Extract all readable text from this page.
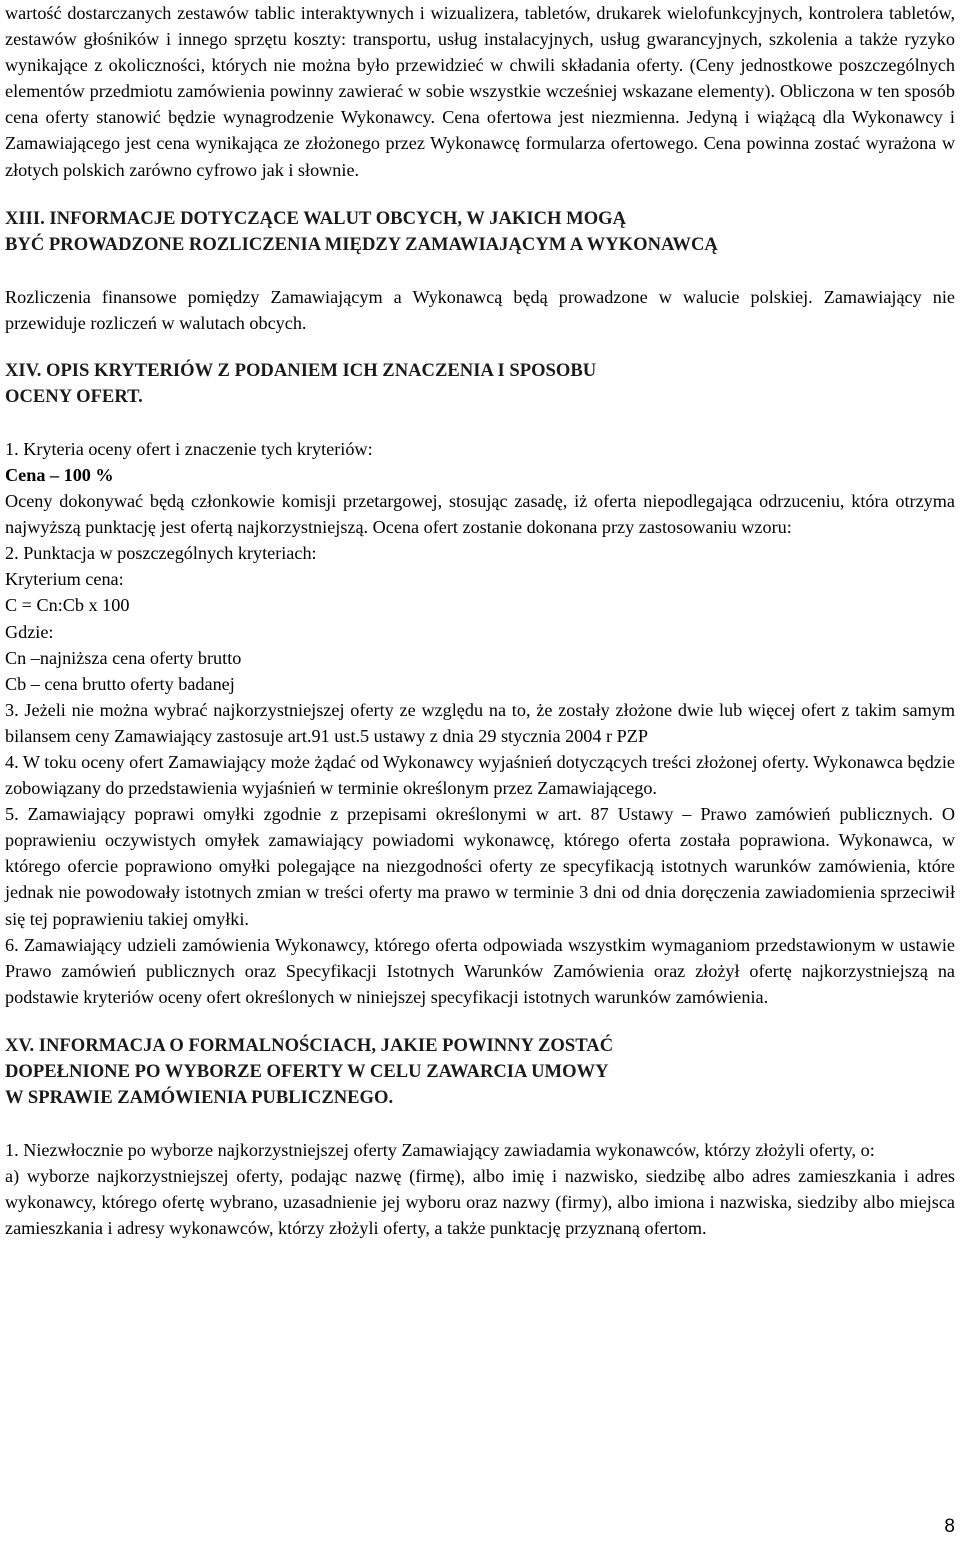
wartość dostarczanych zestawów tablic interaktywnych i wizualizera, tabletów, drukarek wielofunkcyjnych, kontrolera tabletów, zestawów głośników i innego sprzętu koszty: transportu, usług instalacyjnych, usług gwarancyjnych, szkolenia a także ryzyko wynikające z okoliczności, których nie można było przewidzieć w chwili składania oferty. (Ceny jednostkowe poszczególnych elementów przedmiotu zamówienia powinny zawierać w sobie wszystkie wcześniej wskazane elementy). Obliczona w ten sposób cena oferty stanowić będzie wynagrodzenie Wykonawcy. Cena ofertowa jest niezmienna. Jedyną i wiążącą dla Wykonawcy i Zamawiającego jest cena wynikająca ze złożonego przez Wykonawcę formularza ofertowego. Cena powinna zostać wyrażona w złotych polskich zarówno cyfrowo jak i słownie.

XIII. INFORMACJE DOTYCZĄCE WALUT OBCYCH, W JAKICH MOGĄ
BYĆ PROWADZONE ROZLICZENIA MIĘDZY ZAMAWIAJĄCYM A WYKONAWCĄ

Rozliczenia finansowe pomiędzy Zamawiającym a Wykonawcą będą prowadzone w walucie polskiej. Zamawiający nie przewiduje rozliczeń w walutach obcych.

XIV. OPIS KRYTERIÓW Z PODANIEM ICH ZNACZENIA I SPOSOBU
OCENY OFERT.

1. Kryteria oceny ofert i znaczenie tych kryteriów:

Cena – 100 %

Oceny dokonywać będą członkowie komisji przetargowej, stosując zasadę, iż oferta niepodlegająca odrzuceniu, która otrzyma najwyższą punktację jest ofertą najkorzystniejszą. Ocena ofert zostanie dokonana przy zastosowaniu wzoru:

2. Punktacja w poszczególnych kryteriach:

Kryterium cena:

C = Cn:Cb x 100

Gdzie:

Cn –najniższa cena oferty brutto

Cb – cena brutto oferty badanej

3. Jeżeli nie można wybrać najkorzystniejszej oferty ze względu na to, że zostały złożone dwie lub więcej ofert z takim samym bilansem ceny Zamawiający zastosuje art.91 ust.5 ustawy z dnia 29 stycznia 2004 r PZP

4. W toku oceny ofert Zamawiający może żądać od Wykonawcy wyjaśnień dotyczących treści złożonej oferty. Wykonawca będzie zobowiązany do przedstawienia wyjaśnień w terminie określonym przez Zamawiającego.

5. Zamawiający poprawi omyłki zgodnie z przepisami określonymi w art. 87 Ustawy – Prawo zamówień publicznych. O poprawieniu oczywistych omyłek zamawiający powiadomi wykonawcę, którego oferta została poprawiona. Wykonawca, w którego ofercie poprawiono omyłki polegające na niezgodności oferty ze specyfikacją istotnych warunków zamówienia, które jednak nie powodowały istotnych zmian w treści oferty ma prawo w terminie 3 dni od dnia doręczenia zawiadomienia sprzeciwił się tej poprawieniu takiej omyłki.

6. Zamawiający udzieli zamówienia Wykonawcy, którego oferta odpowiada wszystkim wymaganiom przedstawionym w ustawie Prawo zamówień publicznych oraz Specyfikacji Istotnych Warunków Zamówienia oraz złożył ofertę najkorzystniejszą na podstawie kryteriów oceny ofert określonych w niniejszej specyfikacji istotnych warunków zamówienia.

XV. INFORMACJA O FORMALNOŚCIACH, JAKIE POWINNY ZOSTAĆ
DOPEŁNIONE PO WYBORZE OFERTY W CELU ZAWARCIA UMOWY
W SPRAWIE ZAMÓWIENIA PUBLICZNEGO.

1. Niezwłocznie po wyborze najkorzystniejszej oferty Zamawiający zawiadamia wykonawców, którzy złożyli oferty, o:

a) wyborze najkorzystniejszej oferty, podając nazwę (firmę), albo imię i nazwisko, siedzibę albo adres zamieszkania i adres wykonawcy, którego ofertę wybrano, uzasadnienie jej wyboru oraz nazwy (firmy), albo imiona i nazwiska, siedziby albo miejsca zamieszkania i adresy wykonawców, którzy złożyli oferty, a także punktację przyznaną ofertom.

8
